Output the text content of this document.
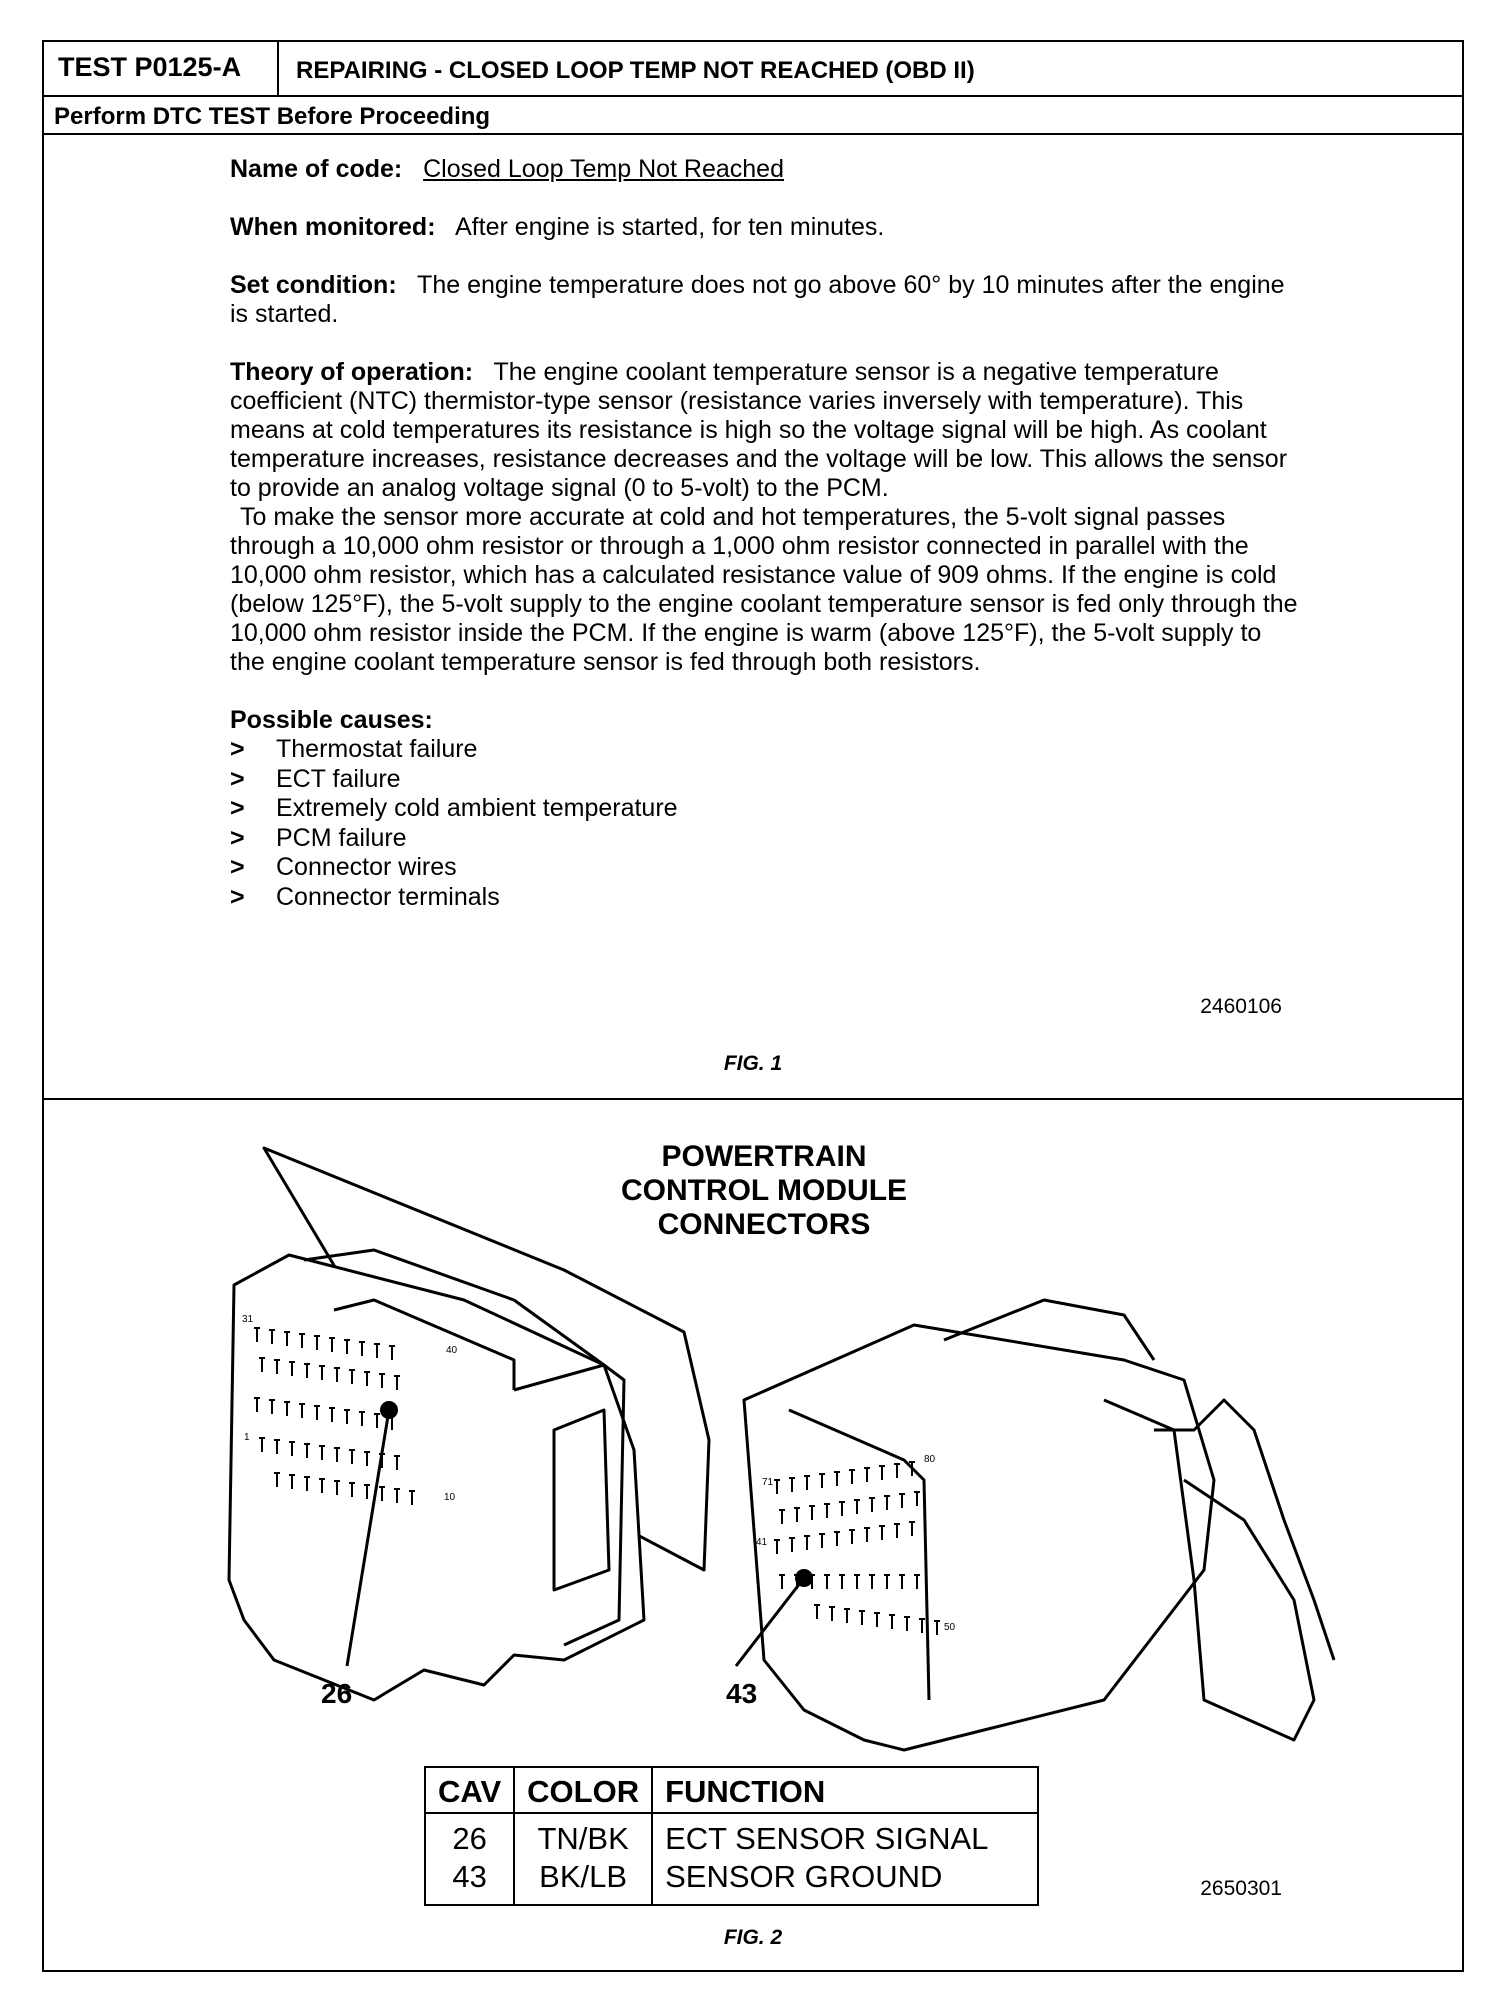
TEST P0125-A	REPAIRING - CLOSED LOOP TEMP NOT REACHED (OBD II)
Perform DTC TEST Before Proceeding

Name of code: Closed Loop Temp Not Reached

When monitored: After engine is started, for ten minutes.

Set condition: The engine temperature does not go above 60° by 10 minutes after the engine is started.

Theory of operation: The engine coolant temperature sensor is a negative temperature coefficient (NTC) thermistor-type sensor (resistance varies inversely with temperature). This means at cold temperatures its resistance is high so the voltage signal will be high. As coolant temperature increases, resistance decreases and the voltage will be low. This allows the sensor to provide an analog voltage signal (0 to 5-volt) to the PCM.
To make the sensor more accurate at cold and hot temperatures, the 5-volt signal passes through a 10,000 ohm resistor or through a 1,000 ohm resistor connected in parallel with the 10,000 ohm resistor, which has a calculated resistance value of 909 ohms. If the engine is cold (below 125°F), the 5-volt supply to the engine coolant temperature sensor is fed only through the 10,000 ohm resistor inside the PCM. If the engine is warm (above 125°F), the 5-volt supply to the engine coolant temperature sensor is fed through both resistors.
Possible causes:
> Thermostat failure
> ECT failure
> Extremely cold ambient temperature
> PCM failure
> Connector wires
> Connector terminals
2460106
FIG. 1
31
40
1
10
71
80
41
50
POWERTRAIN
CONTROL MODULE
CONNECTORS
26	43
CAV	COLOR	FUNCTION
26	TN/BK	ECT SENSOR SIGNAL
43	BK/LB	SENSOR GROUND	2650301
FIG. 2
